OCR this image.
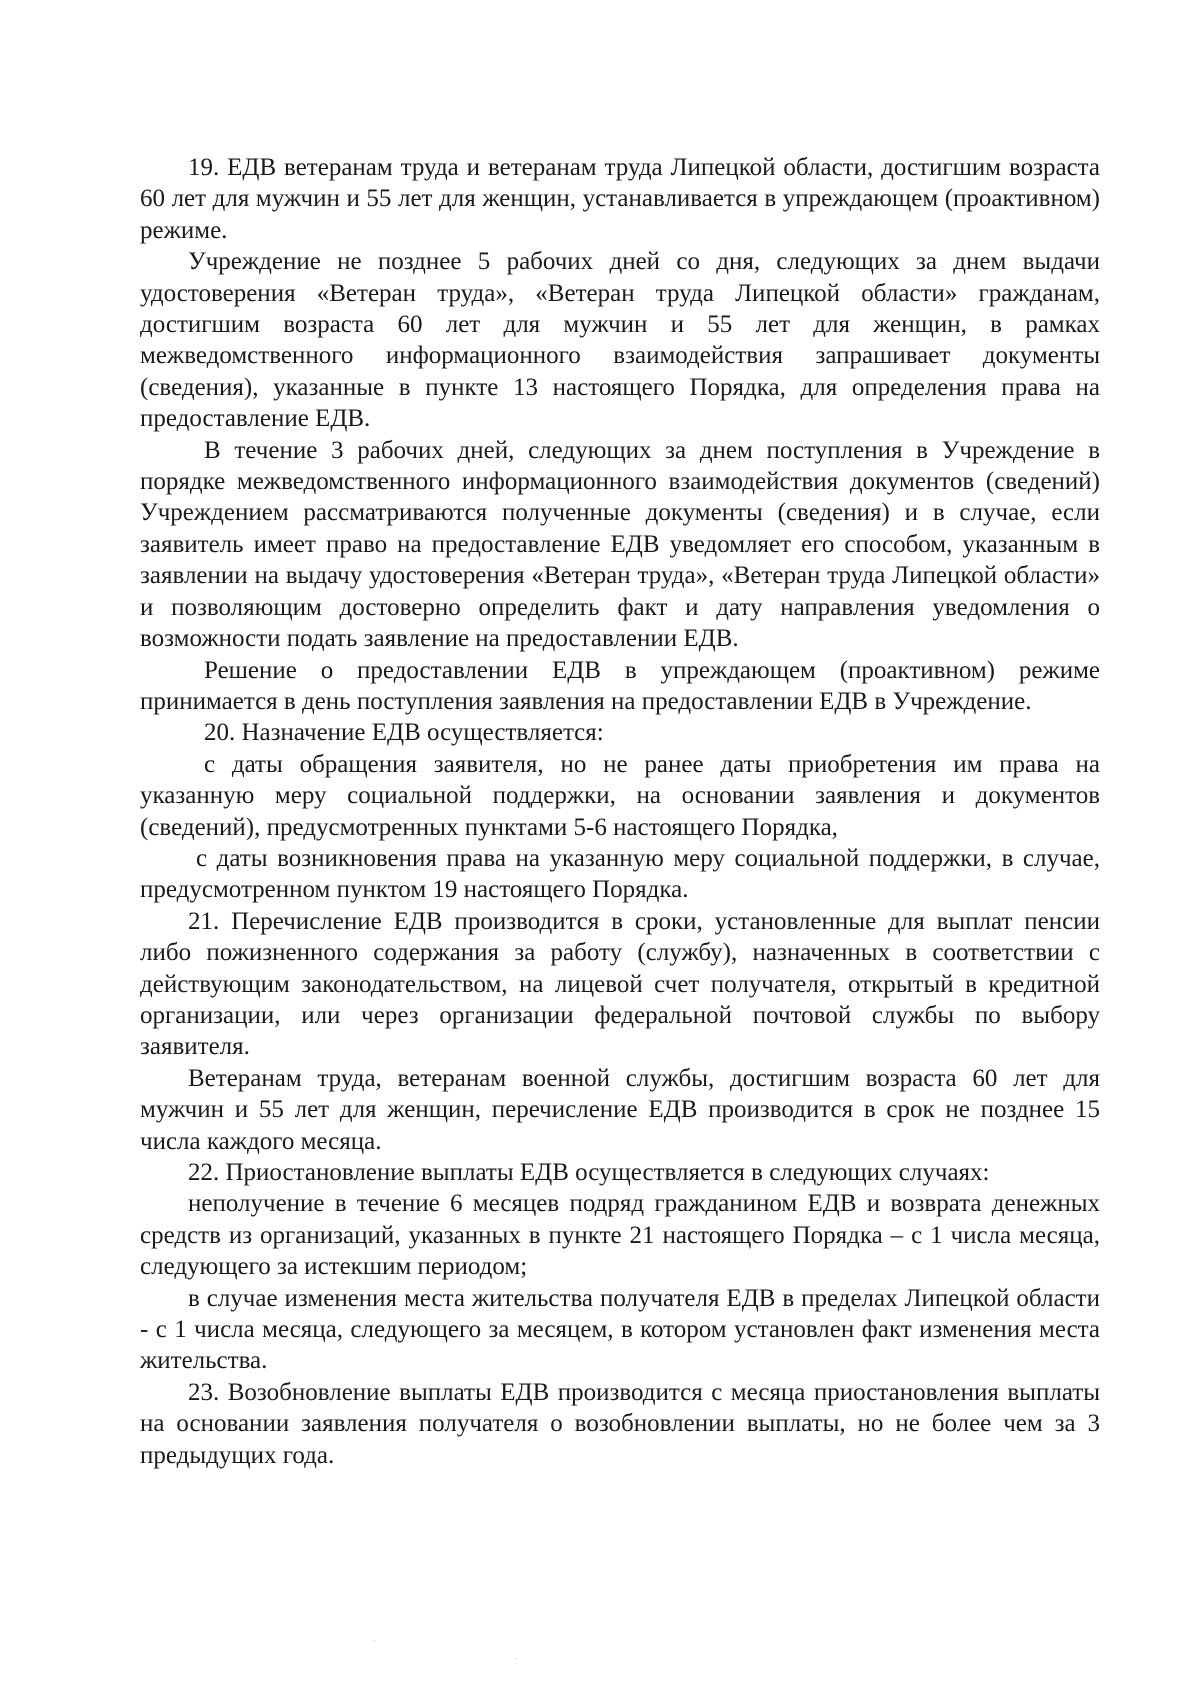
19. ЕДВ ветеранам труда и ветеранам труда Липецкой области, достигшим возраста 60 лет для мужчин и 55 лет для женщин, устанавливается в упреждающем (проактивном) режиме.

Учреждение не позднее 5 рабочих дней со дня, следующих за днем выдачи удостоверения «Ветеран труда», «Ветеран труда Липецкой области» гражданам, достигшим возраста 60 лет для мужчин и 55 лет для женщин, в рамках межведомственного информационного взаимодействия запрашивает документы (сведения), указанные в пункте 13 настоящего Порядка, для определения права на предоставление ЕДВ.

В течение 3 рабочих дней, следующих за днем поступления в Учреждение в порядке межведомственного информационного взаимодействия документов (сведений) Учреждением рассматриваются полученные документы (сведения) и в случае, если заявитель имеет право на предоставление ЕДВ уведомляет его способом, указанным в заявлении на выдачу удостоверения «Ветеран труда», «Ветеран труда Липецкой области» и позволяющим достоверно определить факт и дату направления уведомления о возможности подать заявление на предоставлении ЕДВ.

Решение о предоставлении ЕДВ в упреждающем (проактивном) режиме принимается в день поступления заявления на предоставлении ЕДВ в Учреждение.

20. Назначение ЕДВ осуществляется:

с даты обращения заявителя, но не ранее даты приобретения им права на указанную меру социальной поддержки, на основании заявления и документов (сведений), предусмотренных пунктами 5-6 настоящего Порядка,

с даты возникновения права на указанную меру социальной поддержки, в случае, предусмотренном пунктом 19 настоящего Порядка.

21. Перечисление ЕДВ производится в сроки, установленные для выплат пенсии либо пожизненного содержания за работу (службу), назначенных в соответствии с действующим законодательством, на лицевой счет получателя, открытый в кредитной организации, или через организации федеральной почтовой службы по выбору заявителя.

Ветеранам труда, ветеранам военной службы, достигшим возраста 60 лет для мужчин и 55 лет для женщин, перечисление ЕДВ производится в срок не позднее 15 числа каждого месяца.

22. Приостановление выплаты ЕДВ осуществляется в следующих случаях:

неполучение в течение 6 месяцев подряд гражданином ЕДВ и возврата денежных средств из организаций, указанных в пункте 21 настоящего Порядка – с 1 числа месяца, следующего за истекшим периодом;

в случае изменения места жительства получателя ЕДВ в пределах Липецкой области - с 1 числа месяца, следующего за месяцем, в котором установлен факт изменения места жительства.

23. Возобновление выплаты ЕДВ производится с месяца приостановления выплаты на основании заявления получателя о возобновлении выплаты, но не более чем за 3 предыдущих года.
